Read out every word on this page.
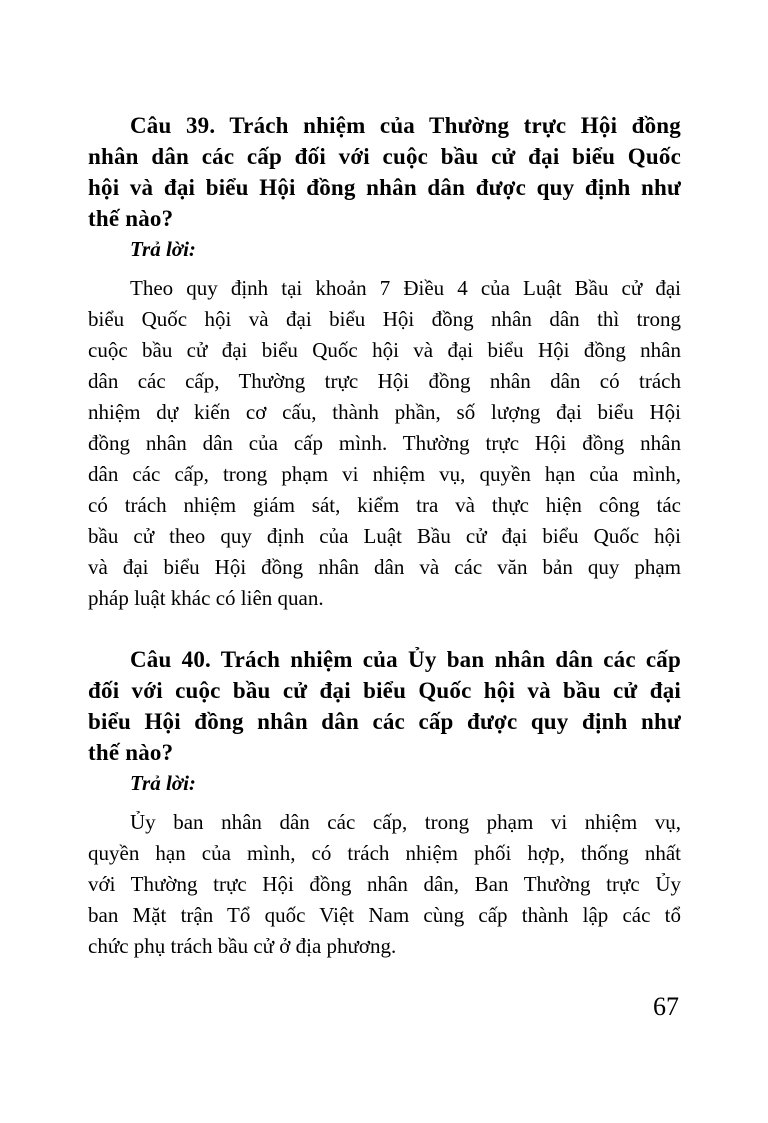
Câu 39. Trách nhiệm của Thường trực Hội đồng
nhân dân các cấp đối với cuộc bầu cử đại biểu Quốc
hội và đại biểu Hội đồng nhân dân được quy định như
thế nào?

Trả lời:

Theo quy định tại khoản 7 Điều 4 của Luật Bầu cử đại
biểu Quốc hội và đại biểu Hội đồng nhân dân thì trong
cuộc bầu cử đại biểu Quốc hội và đại biểu Hội đồng nhân
dân các cấp, Thường trực Hội đồng nhân dân có trách
nhiệm dự kiến cơ cấu, thành phần, số lượng đại biểu Hội
đồng nhân dân của cấp mình. Thường trực Hội đồng nhân
dân các cấp, trong phạm vi nhiệm vụ, quyền hạn của mình,
có trách nhiệm giám sát, kiểm tra và thực hiện công tác
bầu cử theo quy định của Luật Bầu cử đại biểu Quốc hội
và đại biểu Hội đồng nhân dân và các văn bản quy phạm
pháp luật khác có liên quan.
Câu 40. Trách nhiệm của Ủy ban nhân dân các cấp
đối với cuộc bầu cử đại biểu Quốc hội và bầu cử đại
biểu Hội đồng nhân dân các cấp được quy định như
thế nào?

Trả lời:

Ủy ban nhân dân các cấp, trong phạm vi nhiệm vụ,
quyền hạn của mình, có trách nhiệm phối hợp, thống nhất
với Thường trực Hội đồng nhân dân, Ban Thường trực Ủy
ban Mặt trận Tổ quốc Việt Nam cùng cấp thành lập các tổ
chức phụ trách bầu cử ở địa phương.
67
